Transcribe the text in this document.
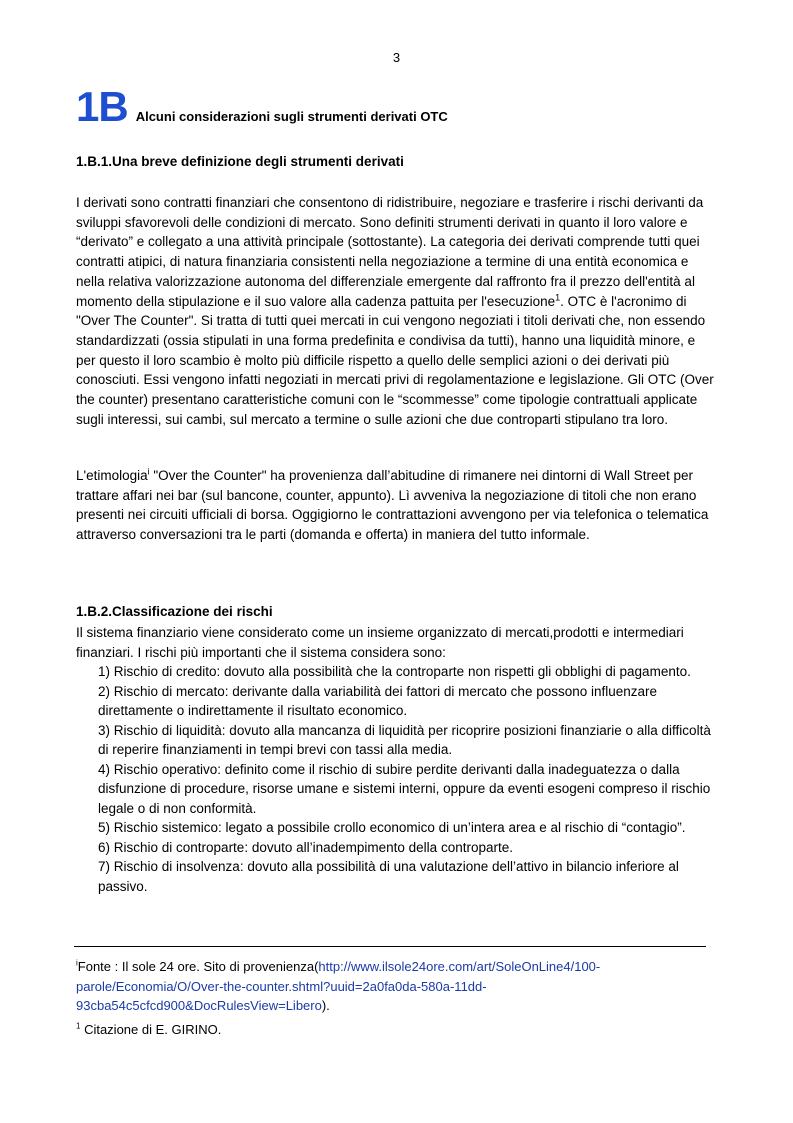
3
1B Alcuni considerazioni sugli strumenti derivati OTC
1.B.1.Una breve definizione degli strumenti derivati
I derivati sono contratti finanziari che consentono di ridistribuire, negoziare e trasferire i rischi derivanti da sviluppi sfavorevoli delle condizioni di mercato. Sono definiti strumenti derivati in quanto il loro valore e “derivato” e collegato a una attività principale (sottostante). La categoria dei derivati comprende tutti quei contratti atipici, di natura finanziaria consistenti nella negoziazione a termine di una entità economica e nella relativa valorizzazione autonoma del differenziale emergente dal raffronto fra il prezzo dell'entità al momento della stipulazione e il suo valore alla cadenza pattuita per l'esecuzione$^1$. OTC è l'acronimo di "Over The Counter". Si tratta di tutti quei mercati in cui vengono negoziati i titoli derivati che, non essendo standardizzati (ossia stipulati in una forma predefinita e condivisa da tutti), hanno una liquidità minore, e per questo il loro scambio è molto più difficile rispetto a quello delle semplici azioni o dei derivati più conosciuti. Essi vengono infatti negoziati in mercati privi di regolamentazione e legislazione. Gli OTC (Over the counter) presentano caratteristiche comuni con le “scommesse” come tipologie contrattuali applicate sugli interessi, sui cambi, sul mercato a termine o sulle azioni che due controparti stipulano tra loro.
L'etimologia$^i$ "Over the Counter" ha provenienza dall’abitudine di rimanere nei dintorni di Wall Street per trattare affari nei bar (sul bancone, counter, appunto). Lì avveniva la negoziazione di titoli che non erano presenti nei circuiti ufficiali di borsa. Oggigiorno le contrattazioni avvengono per via telefonica o telematica attraverso conversazioni tra le parti (domanda e offerta) in maniera del tutto informale.
1.B.2.Classificazione dei rischi
Il sistema finanziario viene considerato come un insieme organizzato di mercati,prodotti e intermediari finanziari. I rischi più importanti che il sistema considera sono:
1) Rischio di credito: dovuto alla possibilità che la controparte non rispetti gli obblighi di pagamento.
2) Rischio di mercato: derivante dalla variabilità dei fattori di mercato che possono influenzare direttamente o indirettamente il risultato economico.
3) Rischio di liquidità: dovuto alla mancanza di liquidità per ricoprire posizioni finanziarie o alla difficoltà di reperire finanziamenti in tempi brevi con tassi alla media.
4) Rischio operativo: definito come il rischio di subire perdite derivanti dalla inadeguatezza o dalla disfunzione di procedure, risorse umane e sistemi interni, oppure da eventi esogeni compreso il rischio legale o di non conformità.
5) Rischio sistemico: legato a possibile crollo economico di un’intera area e al rischio di “contagio”.
6) Rischio di controparte: dovuto all’inadempimento della controparte.
7) Rischio di insolvenza: dovuto alla possibilità di una valutazione dell’attivo in bilancio inferiore al passivo.

$^i$Fonte : Il sole 24 ore. Sito di provenienza(http://www.ilsole24ore.com/art/SoleOnLine4/100-parole/Economia/O/Over-the-counter.shtml?uuid=2a0fa0da-580a-11dd-93cba54c5cfcd900&DocRulesView=Libero).

$^1$ Citazione di E. GIRINO.
